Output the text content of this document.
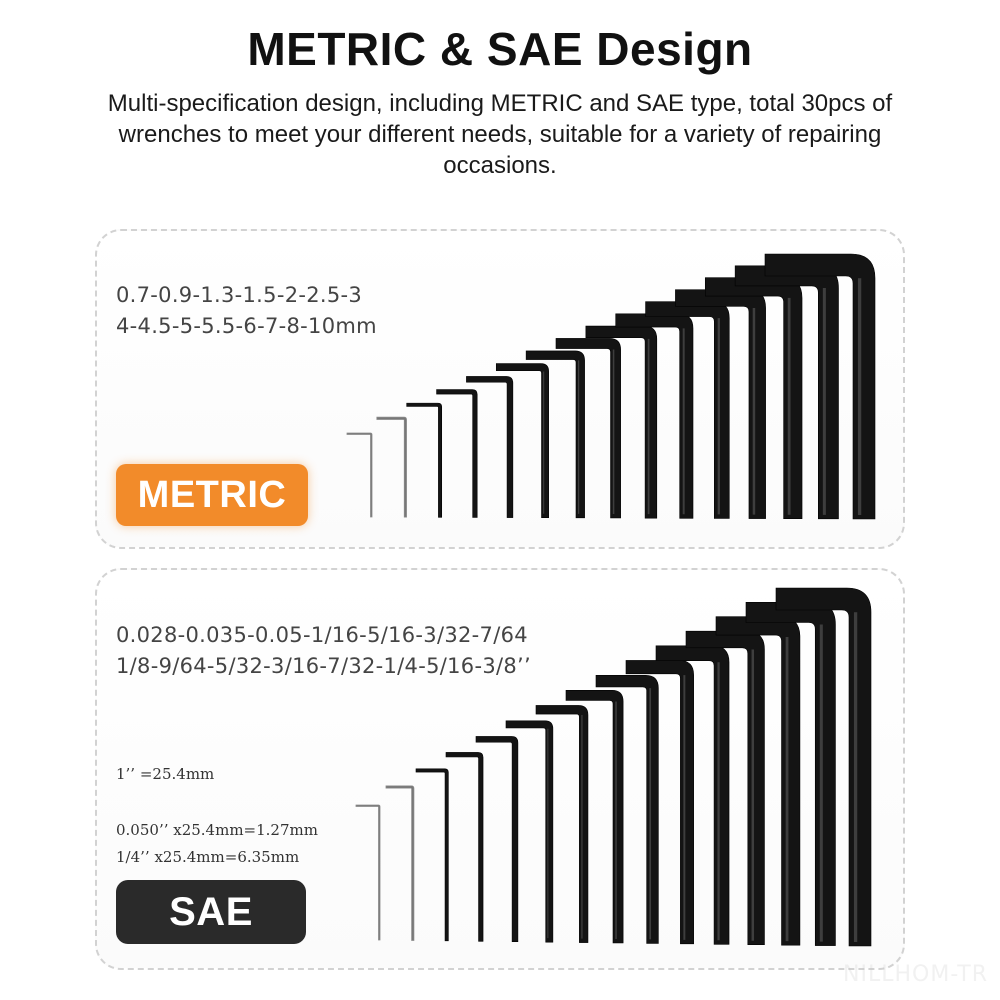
METRIC & SAE Design
Multi-specification design, including METRIC and SAE type, total 30pcs of wrenches to meet your different needs, suitable for a variety of repairing occasions.
0.7-0.9-1.3-1.5-2-2.5-3
4-4.5-5-5.5-6-7-8-10mm
METRIC
0.028-0.035-0.05-1/16-5/16-3/32-7/64
1/8-9/64-5/32-3/16-7/32-1/4-5/16-3/8’’
1’’ =25.4mm
0.050’’ x25.4mm=1.27mm
1/4’’ x25.4mm=6.35mm
SAE
NILLHOM-TR
